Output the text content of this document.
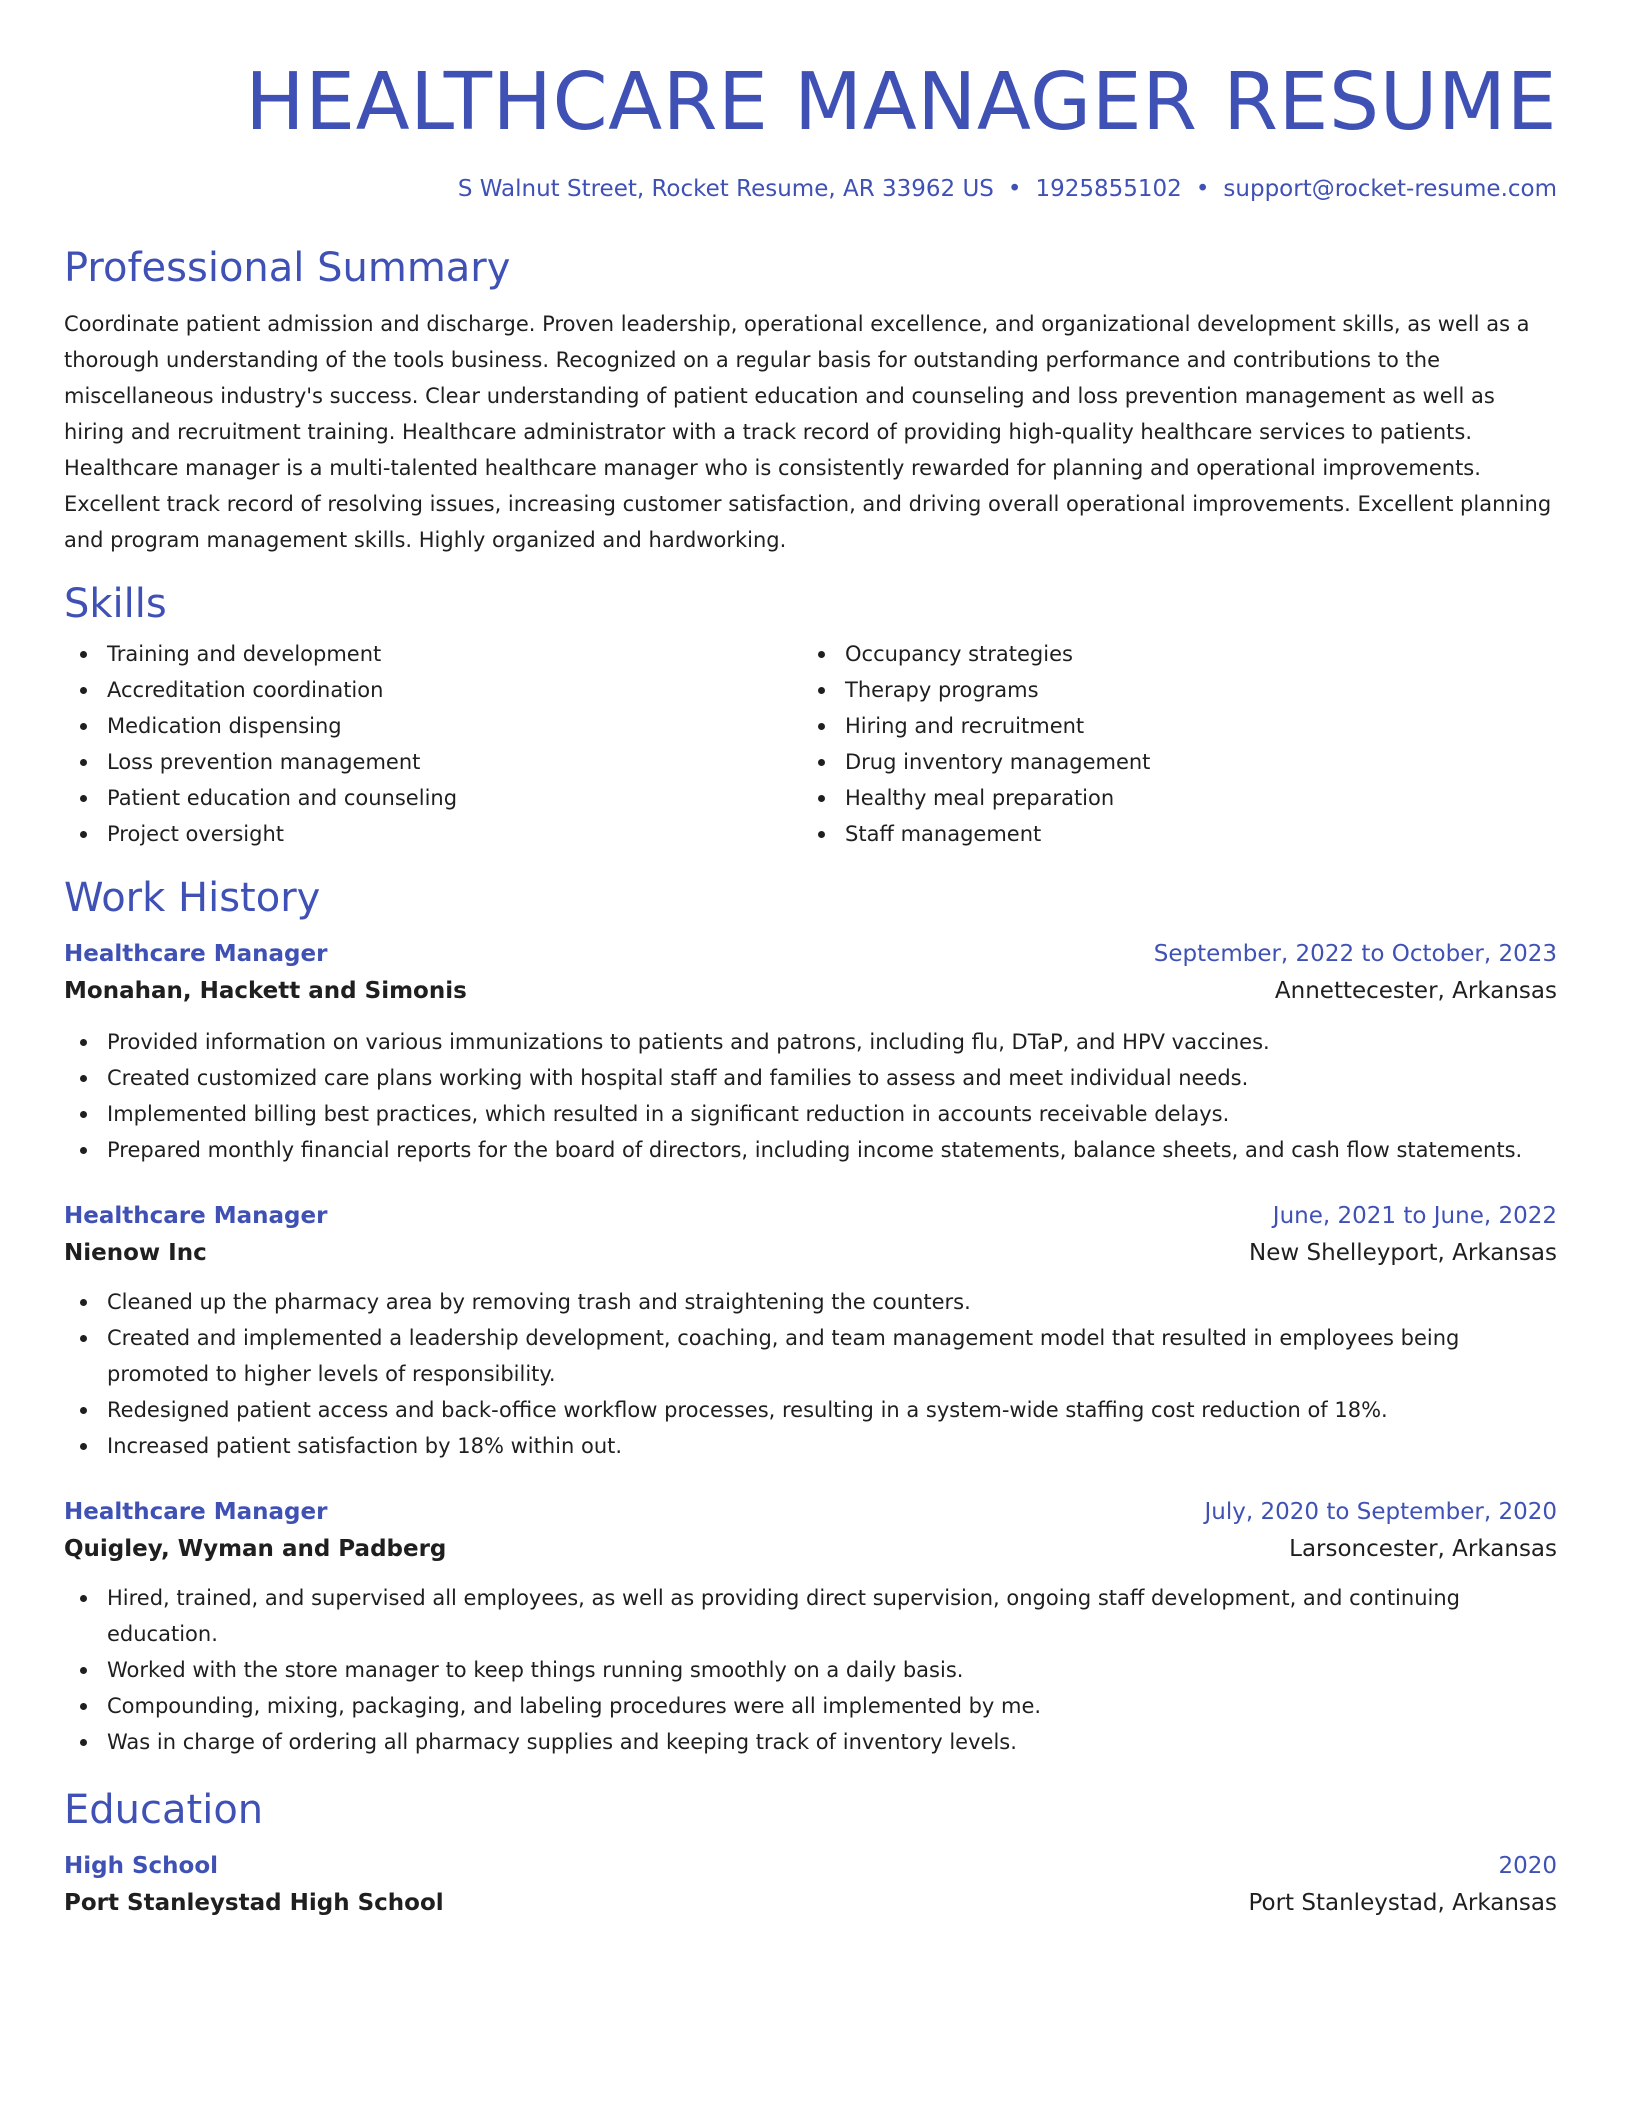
HEALTHCARE MANAGER RESUME
S Walnut Street, Rocket Resume, AR 33962 US • 1925855102 • support@rocket-resume.com
Professional Summary

Coordinate patient admission and discharge. Proven leadership, operational excellence, and organizational development skills, as well as a thorough understanding of the tools business. Recognized on a regular basis for outstanding performance and contributions to the miscellaneous industry's success. Clear understanding of patient education and counseling and loss prevention management as well as hiring and recruitment training. Healthcare administrator with a track record of providing high-quality healthcare services to patients. Healthcare manager is a multi-talented healthcare manager who is consistently rewarded for planning and operational improvements. Excellent track record of resolving issues, increasing customer satisfaction, and driving overall operational improvements. Excellent planning and program management skills. Highly organized and hardworking.

Skills
Training and development
Accreditation coordination
Medication dispensing
Loss prevention management
Patient education and counseling
Project oversight
Occupancy strategies
Therapy programs
Hiring and recruitment
Drug inventory management
Healthy meal preparation
Staff management
Work History
Healthcare Manager	September, 2022 to October, 2023
Monahan, Hackett and Simonis	Annettecester, Arkansas
Provided information on various immunizations to patients and patrons, including flu, DTaP, and HPV vaccines.
Created customized care plans working with hospital staff and families to assess and meet individual needs.
Implemented billing best practices, which resulted in a significant reduction in accounts receivable delays.
Prepared monthly financial reports for the board of directors, including income statements, balance sheets, and cash flow statements.
Healthcare Manager	June, 2021 to June, 2022
Nienow Inc	New Shelleyport, Arkansas
Cleaned up the pharmacy area by removing trash and straightening the counters.
Created and implemented a leadership development, coaching, and team management model that resulted in employees being promoted to higher levels of responsibility.
Redesigned patient access and back-office workflow processes, resulting in a system-wide staffing cost reduction of 18%.
Increased patient satisfaction by 18% within out.
Healthcare Manager	July, 2020 to September, 2020
Quigley, Wyman and Padberg	Larsoncester, Arkansas
Hired, trained, and supervised all employees, as well as providing direct supervision, ongoing staff development, and continuing education.
Worked with the store manager to keep things running smoothly on a daily basis.
Compounding, mixing, packaging, and labeling procedures were all implemented by me.
Was in charge of ordering all pharmacy supplies and keeping track of inventory levels.
Education
High School	2020
Port Stanleystad High School	Port Stanleystad, Arkansas
